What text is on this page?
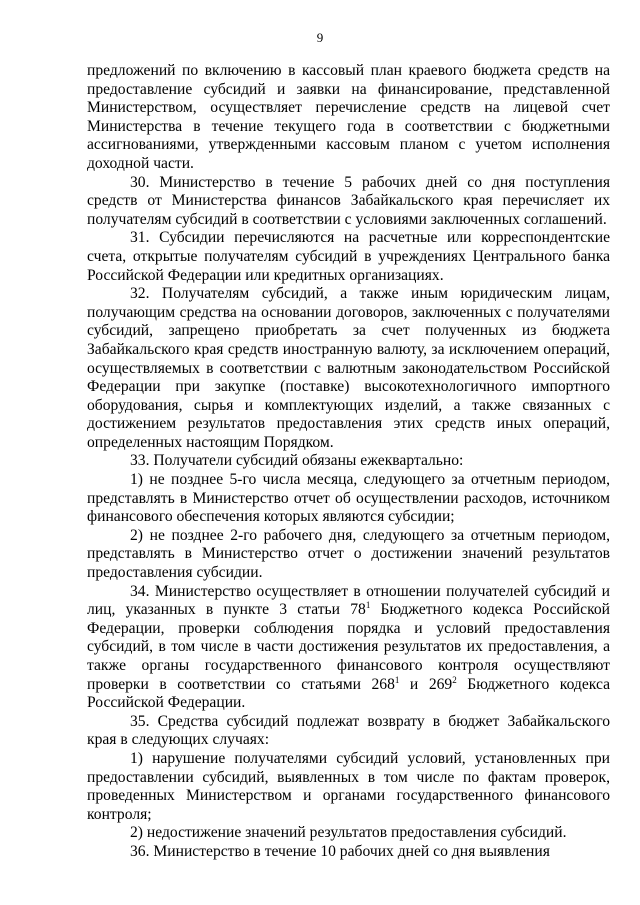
9

предложений по включению в кассовый план краевого бюджета средств на предоставление субсидий и заявки на финансирование, представленной Министерством, осуществляет перечисление средств на лицевой счет Министерства в течение текущего года в соответствии с бюджетными ассигнованиями, утвержденными кассовым планом с учетом исполнения доходной части.

30. Министерство в течение 5 рабочих дней со дня поступления средств от Министерства финансов Забайкальского края перечисляет их получателям субсидий в соответствии с условиями заключенных соглашений.

31. Субсидии перечисляются на расчетные или корреспондентские счета, открытые получателям субсидий в учреждениях Центрального банка Российской Федерации или кредитных организациях.

32. Получателям субсидий, а также иным юридическим лицам, получающим средства на основании договоров, заключенных с получателями субсидий, запрещено приобретать за счет полученных из бюджета Забайкальского края средств иностранную валюту, за исключением операций, осуществляемых в соответствии с валютным законодательством Российской Федерации при закупке (поставке) высокотехнологичного импортного оборудования, сырья и комплектующих изделий, а также связанных с достижением результатов предоставления этих средств иных операций, определенных настоящим Порядком.

33. Получатели субсидий обязаны ежеквартально:

1) не позднее 5-го числа месяца, следующего за отчетным периодом, представлять в Министерство отчет об осуществлении расходов, источником финансового обеспечения которых являются субсидии;

2) не позднее 2-го рабочего дня, следующего за отчетным периодом, представлять в Министерство отчет о достижении значений результатов предоставления субсидии.

34. Министерство осуществляет в отношении получателей субсидий и лиц, указанных в пункте 3 статьи $78^1$ Бюджетного кодекса Российской Федерации, проверки соблюдения порядка и условий предоставления субсидий, в том числе в части достижения результатов их предоставления, а также органы государственного финансового контроля осуществляют проверки в соответствии со статьями $268^1$ и $269^2$ Бюджетного кодекса Российской Федерации.

35. Средства субсидий подлежат возврату в бюджет Забайкальского края в следующих случаях:

1) нарушение получателями субсидий условий, установленных при предоставлении субсидий, выявленных в том числе по фактам проверок, проведенных Министерством и органами государственного финансового контроля;

2) недостижение значений результатов предоставления субсидий.

36. Министерство в течение 10 рабочих дней со дня выявления
